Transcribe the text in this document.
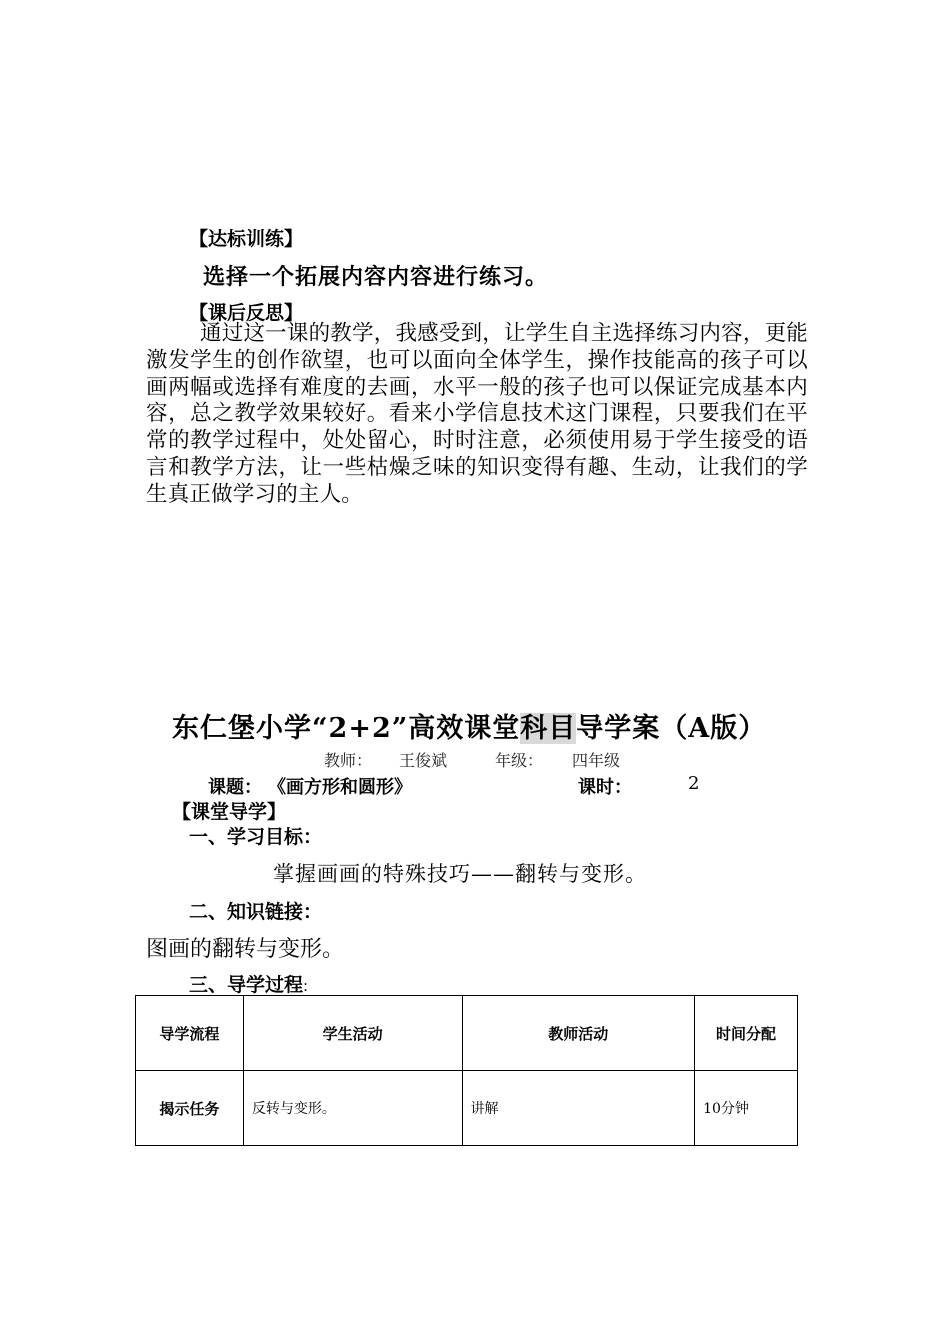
【达标训练】
选择一个拓展内容内容进行练习。
【课后反思】
通过这一课的教学，我感受到，让学生自主选择练习内容，更能激发学生的创作欲望，也可以面向全体学生，操作技能高的孩子可以画两幅或选择有难度的去画，水平一般的孩子也可以保证完成基本内容，总之教学效果较好。看来小学信息技术这门课程，只要我们在平常的教学过程中，处处留心，时时注意，必须使用易于学生接受的语言和教学方法，让一些枯燥乏味的知识变得有趣、生动，让我们的学生真正做学习的主人。
东仁堡小学“2+2”高效课堂科目导学案（A版）
教师： 王俊斌	年级： 四年级
课题： 《画方形和圆形》	课时：	2
【课堂导学】
一、学习目标：
掌握画画的特殊技巧——翻转与变形。
二、知识链接：
图画的翻转与变形。
三、导学过程:
导学流程	学生活动	教师活动	时间分配
揭示任务	反转与变形。	讲解	10分钟
